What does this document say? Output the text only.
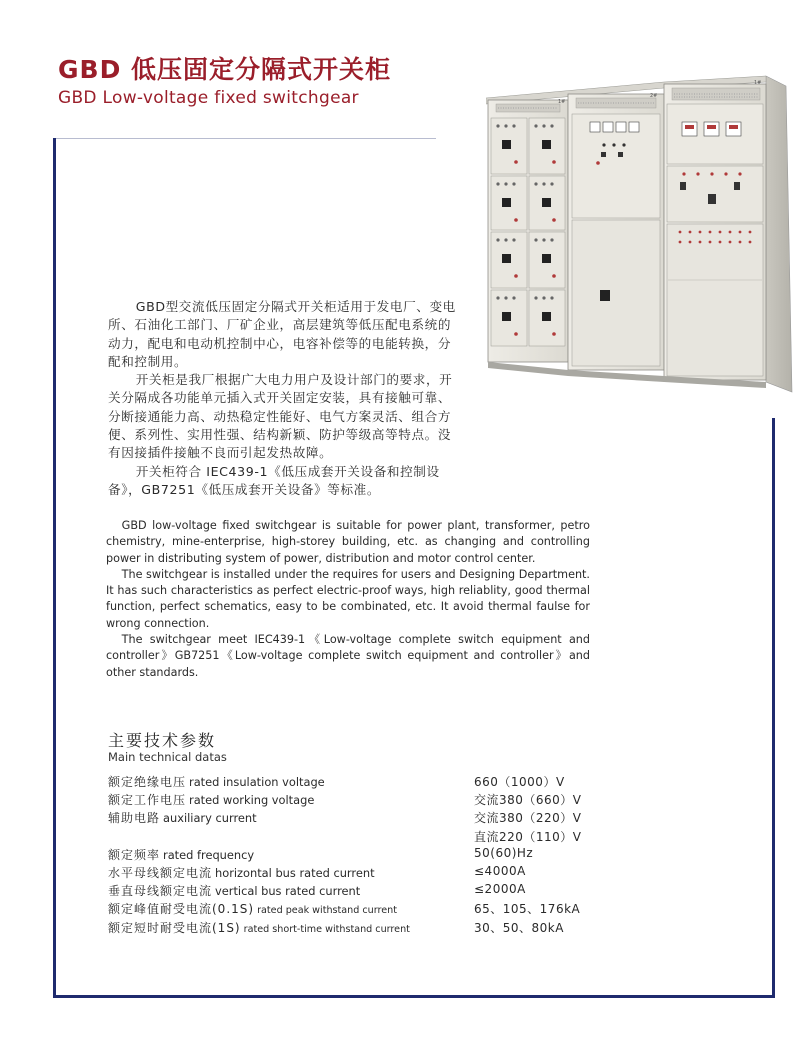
GBD 低压固定分隔式开关柜
GBD Low-voltage fixed switchgear	1#
2#
1#

GBD型交流低压固定分隔式开关柜适用于发电厂、变电所、石油化工部门、厂矿企业，高层建筑等低压配电系统的动力，配电和电动机控制中心，电容补偿等的电能转换，分配和控制用。

开关柜是我厂根据广大电力用户及设计部门的要求，开关分隔成各功能单元插入式开关固定安装，具有接触可靠、分断接通能力高、动热稳定性能好、电气方案灵活、组合方便、系列性、实用性强、结构新颖、防护等级高等特点。没有因接插件接触不良而引起发热故障。

开关柜符合 IEC439-1《低压成套开关设备和控制设备》，GB7251《低压成套开关设备》等标准。

GBD low-voltage fixed switchgear is suitable for power plant, transformer, petro chemistry, mine-enterprise, high-storey building, etc. as changing and controlling power in distributing system of power, distribution and motor control center.

The switchgear is installed under the requires for users and Designing Department. It has such characteristics as perfect electric-proof ways, high reliablity, good thermal function, perfect schematics, easy to be combinated, etc. It avoid thermal faulse for wrong connection.

The switchgear meet IEC439-1《Low-voltage complete switch equipment and controller》GB7251《Low-voltage complete switch equipment and controller》and other standards.

主要技术参数
Main technical datas
额定绝缘电压 rated insulation voltage	660（1000）V
额定工作电压 rated working voltage	交流380（660）V
辅助电路 auxiliary current	交流380（220）V
直流220（110）V
额定频率 rated frequency	50(60)Hz
水平母线额定电流 horizontal bus rated current	≤4000A
垂直母线额定电流 vertical bus rated current	≤2000A
额定峰值耐受电流(0.1S) rated peak withstand current	65、105、176kA
额定短时耐受电流(1S) rated short-time withstand current	30、50、80kA
